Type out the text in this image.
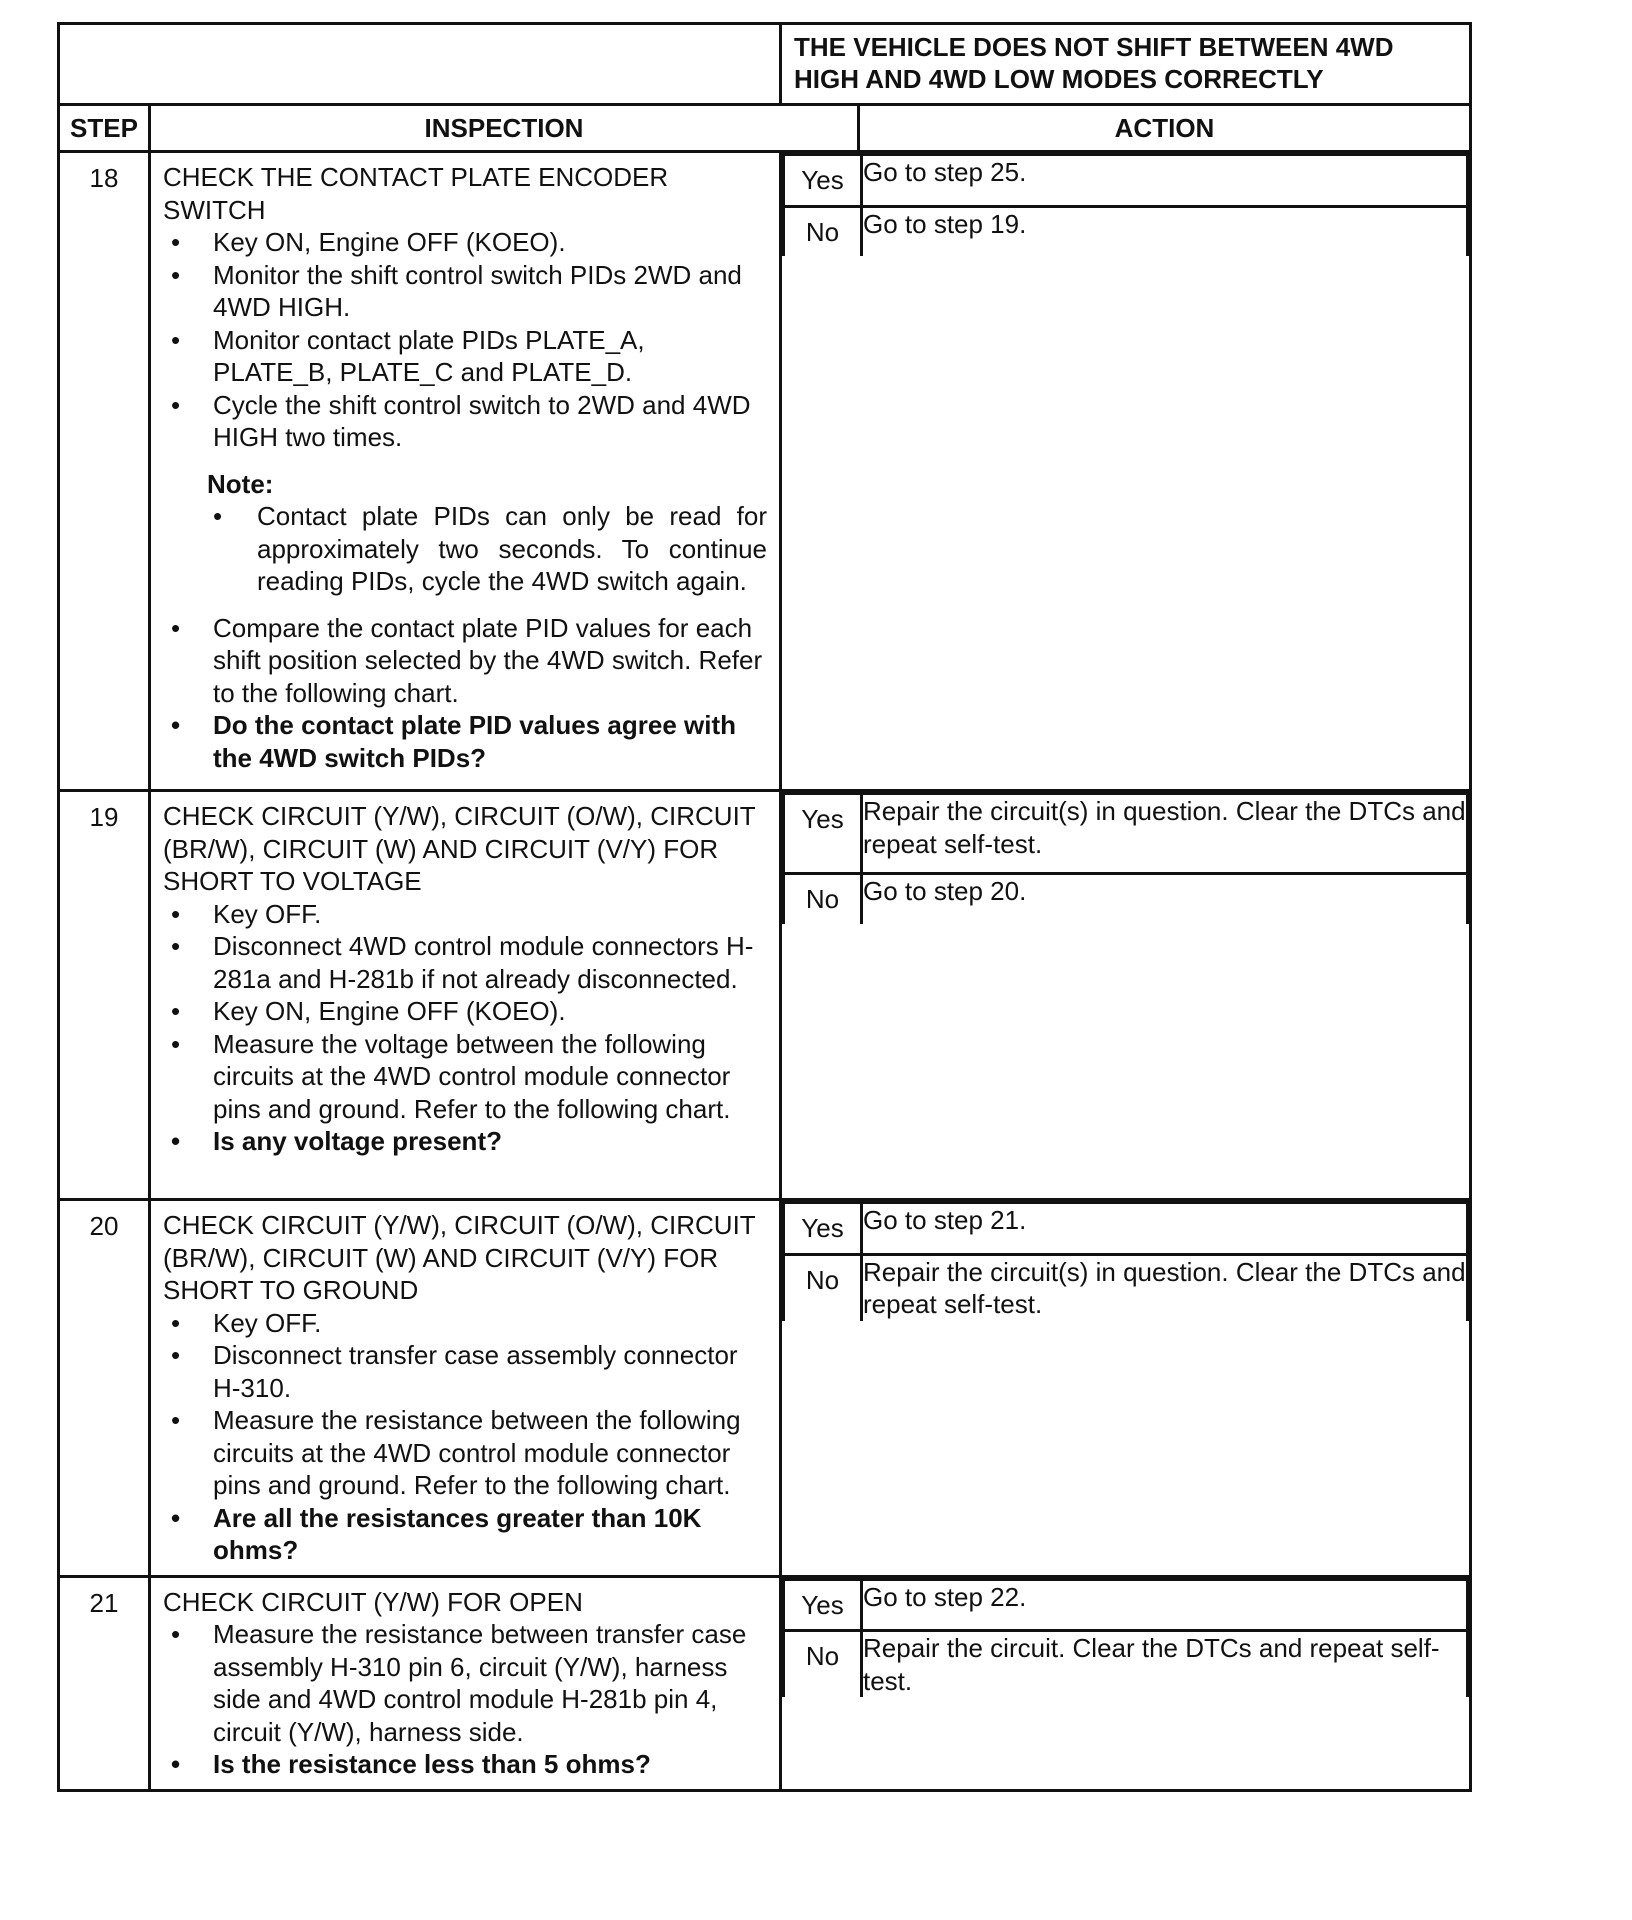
	THE VEHICLE DOES NOT SHIFT BETWEEN 4WD HIGH AND 4WD LOW MODES CORRECTLY
STEP	INSPECTION	ACTION
18	CHECK THE CONTACT PLATE ENCODER SWITCH

• Key ON, Engine OFF (KOEO).

• Monitor the shift control switch PIDs 2WD and 4WD HIGH.

• Monitor contact plate PIDs PLATE_A, PLATE_B, PLATE_C and PLATE_D.

• Cycle the shift control switch to 2WD and 4WD HIGH two times.

Note:

• Contact plate PIDs can only be read for approximately two seconds. To continue reading PIDs, cycle the 4WD switch again.

• Compare the contact plate PID values for each shift position selected by the 4WD switch. Refer to the following chart.

• Do the contact plate PID values agree with the 4WD switch PIDs?

Yes	Go to step 25.
No	Go to step 19.

19	CHECK CIRCUIT (Y/W), CIRCUIT (O/W), CIRCUIT (BR/W), CIRCUIT (W) AND CIRCUIT (V/Y) FOR SHORT TO VOLTAGE

• Key OFF.

• Disconnect 4WD control module connectors H-281a and H-281b if not already disconnected.

• Key ON, Engine OFF (KOEO).

• Measure the voltage between the following circuits at the 4WD control module connector pins and ground. Refer to the following chart.

• Is any voltage present?

Yes	Repair the circuit(s) in question. Clear the DTCs and repeat self-test.
No	Go to step 20.

20	CHECK CIRCUIT (Y/W), CIRCUIT (O/W), CIRCUIT (BR/W), CIRCUIT (W) AND CIRCUIT (V/Y) FOR SHORT TO GROUND

• Key OFF.

• Disconnect transfer case assembly connector H-310.

• Measure the resistance between the following circuits at the 4WD control module connector pins and ground. Refer to the following chart.

• Are all the resistances greater than 10K ohms?

Yes	Go to step 21.
No	Repair the circuit(s) in question. Clear the DTCs and repeat self-test.

21	CHECK CIRCUIT (Y/W) FOR OPEN

• Measure the resistance between transfer case assembly H-310 pin 6, circuit (Y/W), harness side and 4WD control module H-281b pin 4, circuit (Y/W), harness side.

• Is the resistance less than 5 ohms?

Yes	Go to step 22.
No	Repair the circuit. Clear the DTCs and repeat self-test.
